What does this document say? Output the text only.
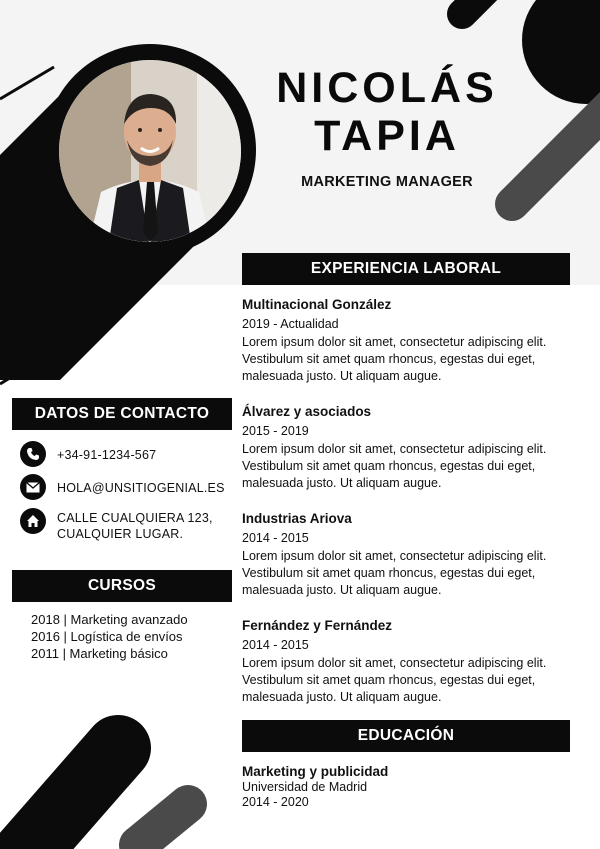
NICOLÁS
TAPIA
MARKETING MANAGER
DATOS DE CONTACTO
+34-91-1234-567
HOLA@UNSITIOGENIAL.ES
CALLE CUALQUIERA 123,
CUALQUIER LUGAR.
CURSOS
2018 | Marketing avanzado
2016 | Logística de envíos
2011 | Marketing básico
EXPERIENCIA LABORAL
Multinacional González
2019 - Actualidad
Lorem ipsum dolor sit amet, consectetur adipiscing elit.
Vestibulum sit amet quam rhoncus, egestas dui eget,
malesuada justo. Ut aliquam augue.
Álvarez y asociados
2015 - 2019
Lorem ipsum dolor sit amet, consectetur adipiscing elit.
Vestibulum sit amet quam rhoncus, egestas dui eget,
malesuada justo. Ut aliquam augue.
Industrias Ariova
2014 - 2015
Lorem ipsum dolor sit amet, consectetur adipiscing elit.
Vestibulum sit amet quam rhoncus, egestas dui eget,
malesuada justo. Ut aliquam augue.
Fernández y Fernández
2014 - 2015
Lorem ipsum dolor sit amet, consectetur adipiscing elit.
Vestibulum sit amet quam rhoncus, egestas dui eget,
malesuada justo. Ut aliquam augue.
EDUCACIÓN
Marketing y publicidad
Universidad de Madrid
2014 - 2020
